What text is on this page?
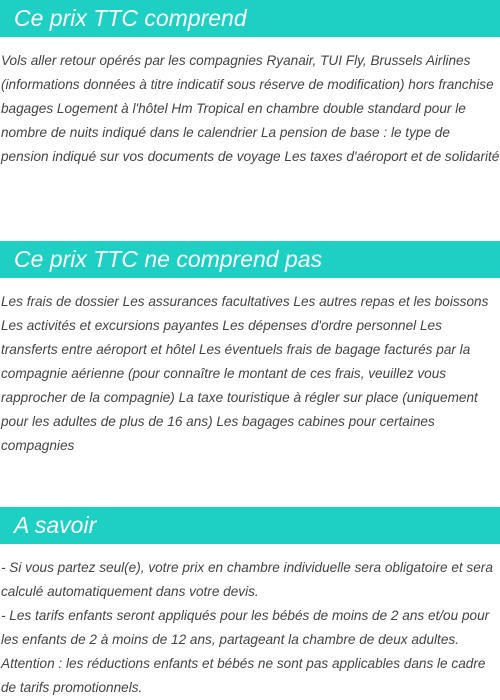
Ce prix TTC comprend

Vols aller retour opérés par les compagnies Ryanair, TUI Fly, Brussels Airlines (informations données à titre indicatif sous réserve de modification) hors franchise bagages Logement à l'hôtel Hm Tropical en chambre double standard pour le nombre de nuits indiqué dans le calendrier La pension de base : le type de pension indiqué sur vos documents de voyage Les taxes d'aéroport et de solidarité

Ce prix TTC ne comprend pas

Les frais de dossier Les assurances facultatives Les autres repas et les boissons Les activités et excursions payantes Les dépenses d'ordre personnel Les transferts entre aéroport et hôtel Les éventuels frais de bagage facturés par la compagnie aérienne (pour connaître le montant de ces frais, veuillez vous rapprocher de la compagnie) La taxe touristique à régler sur place (uniquement pour les adultes de plus de 16 ans) Les bagages cabines pour certaines compagnies

A savoir

- Si vous partez seul(e), votre prix en chambre individuelle sera obligatoire et sera calculé automatiquement dans votre devis.

- Les tarifs enfants seront appliqués pour les bébés de moins de 2 ans et/ou pour les enfants de 2 à moins de 12 ans, partageant la chambre de deux adultes.

Attention : les réductions enfants et bébés ne sont pas applicables dans le cadre de tarifs promotionnels.
